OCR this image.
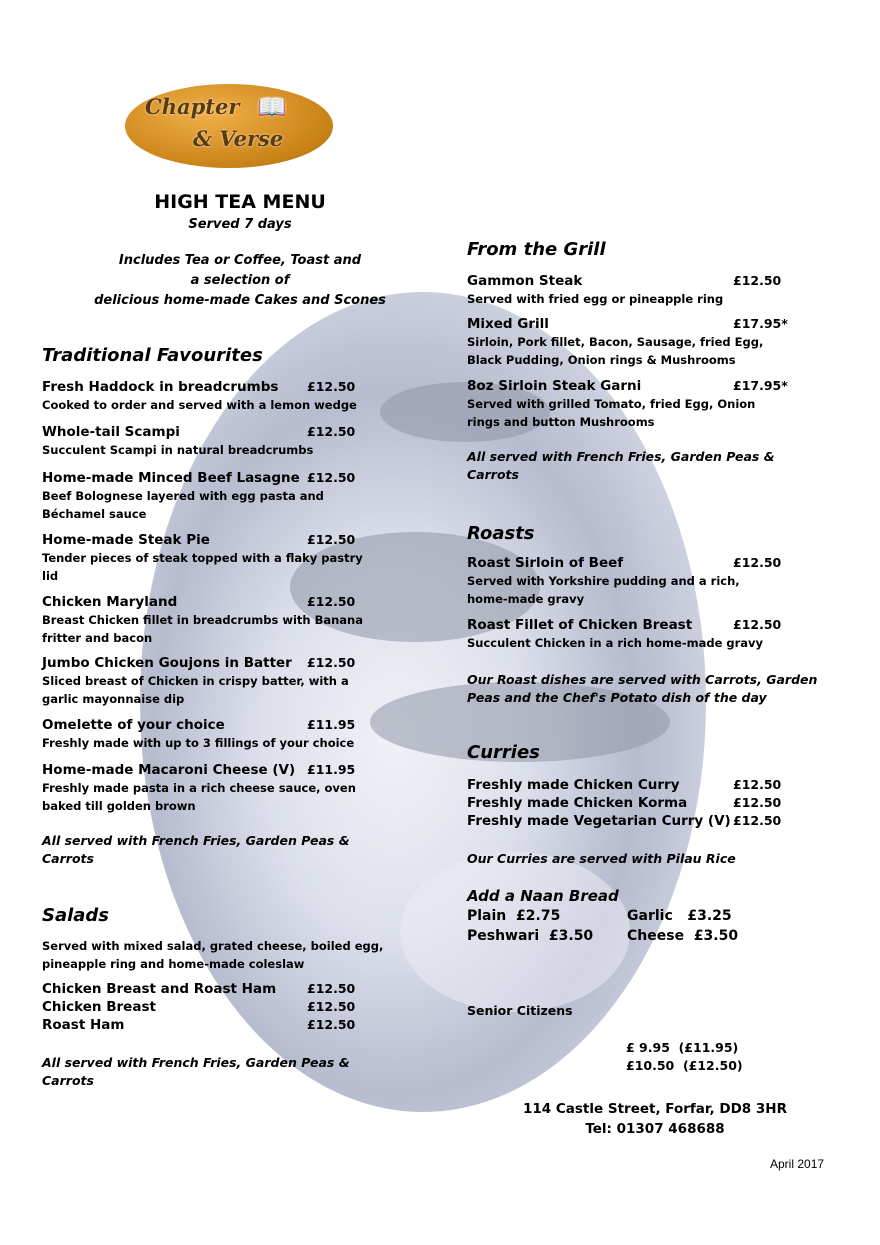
Chapter
& Verse
📖
HIGH TEA MENU
Served 7 days
Includes Tea or Coffee, Toast and
a selection of
delicious home-made Cakes and Scones
Traditional Favourites
Fresh Haddock in breadcrumbs £12.50
Cooked to order and served with a lemon wedge
Whole-tail Scampi	£12.50
Succulent Scampi in natural breadcrumbs
Home-made Minced Beef Lasagne £12.50
Beef Bolognese layered with egg pasta and Béchamel sauce
Home-made Steak Pie	£12.50
Tender pieces of steak topped with a flaky pastry lid
Chicken Maryland	£12.50
Breast Chicken fillet in breadcrumbs with Banana fritter and bacon
Jumbo Chicken Goujons in Batter £12.50
Sliced breast of Chicken in crispy batter, with a garlic mayonnaise dip
Omelette of your choice	£11.95
Freshly made with up to 3 fillings of your choice
Home-made Macaroni Cheese (V) £11.95
Freshly made pasta in a rich cheese sauce, oven baked till golden brown
All served with French Fries, Garden Peas & Carrots
Salads
Served with mixed salad, grated cheese, boiled egg, pineapple ring and home-made coleslaw
Chicken Breast and Roast Ham £12.50
Chicken Breast	£12.50
Roast Ham	£12.50
All served with French Fries, Garden Peas & Carrots
From the Grill
Gammon Steak	£12.50
Served with fried egg or pineapple ring
Mixed Grill	£17.95*
Sirloin, Pork fillet, Bacon, Sausage, fried Egg, Black Pudding, Onion rings & Mushrooms
8oz Sirloin Steak Garni	£17.95*
Served with grilled Tomato, fried Egg, Onion rings and button Mushrooms
All served with French Fries, Garden Peas & Carrots
Roasts
Roast Sirloin of Beef	£12.50
Served with Yorkshire pudding and a rich, home-made gravy
Roast Fillet of Chicken Breast	£12.50
Succulent Chicken in a rich home-made gravy
Our Roast dishes are served with Carrots, Garden Peas and the Chef's Potato dish of the day
Curries
Freshly made Chicken Curry	£12.50
Freshly made Chicken Korma	£12.50
Freshly made Vegetarian Curry (V) £12.50
Our Curries are served with Pilau Rice
Add a Naan Bread
Plain £2.75	Garlic £3.25
Peshwari £3.50 Cheese £3.50
Senior Citizens

£ 9.95  (£11.95)
£10.50  (£12.50)

114 Castle Street, Forfar, DD8 3HR
Tel: 01307 468688
April 2017
